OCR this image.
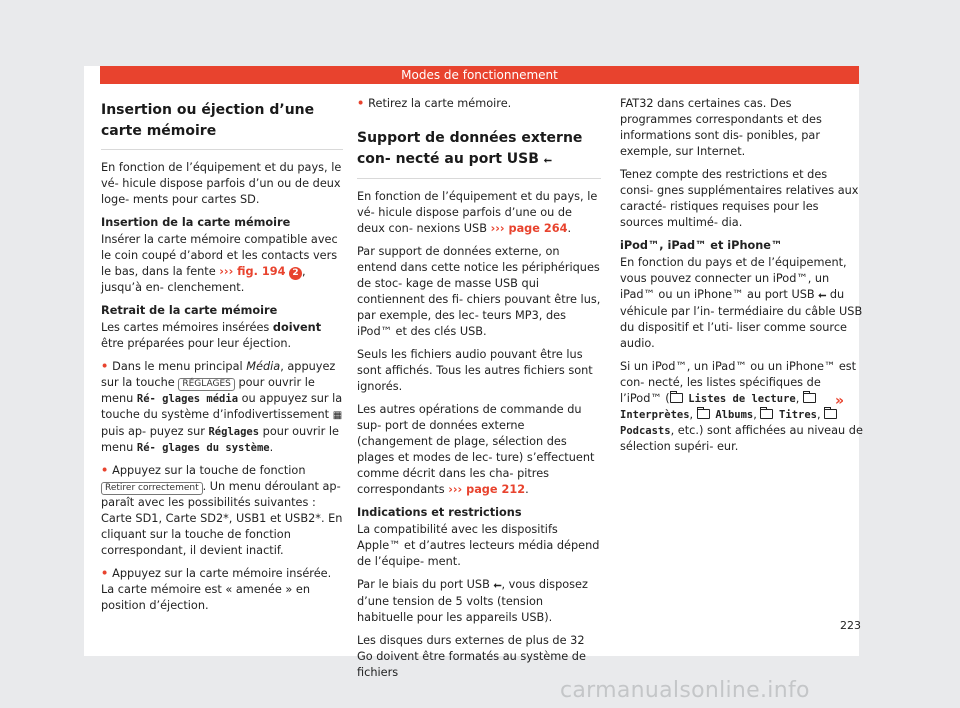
Modes de fonctionnement
Insertion ou éjection d’une carte mémoire

En fonction de l’équipement et du pays, le vé- hicule dispose parfois d’un ou de deux loge- ments pour cartes SD.

Insertion de la carte mémoire

Insérer la carte mémoire compatible avec le coin coupé d’abord et les contacts vers le bas, dans la fente ››› fig. 194 2 , jusqu’à en- clenchement.

Retrait de la carte mémoire

Les cartes mémoires insérées doivent être préparées pour leur éjection.

• Dans le menu principal Média, appuyez sur la touche RÉGLAGES pour ouvrir le menu Ré- glages média ou appuyez sur la touche du système d’infodivertissement ▦ puis ap- puyez sur Réglages pour ouvrir le menu Ré- glages du système.

• Appuyez sur la touche de fonction Retirer correctement . Un menu déroulant ap- paraît avec les possibilités suivantes : Carte SD1, Carte SD2*, USB1 et USB2*. En cliquant sur la touche de fonction correspondant, il devient inactif.

• Appuyez sur la carte mémoire insérée. La carte mémoire est « amenée » en position d’éjection.

• Retirez la carte mémoire.

Support de données externe con- necté au port USB ⭠

En fonction de l’équipement et du pays, le vé- hicule dispose parfois d’une ou de deux con- nexions USB ››› page 264.

Par support de données externe, on entend dans cette notice les périphériques de stoc- kage de masse USB qui contiennent des fi- chiers pouvant être lus, par exemple, des lec- teurs MP3, des iPod™ et des clés USB.

Seuls les fichiers audio pouvant être lus sont affichés. Tous les autres fichiers sont ignorés.

Les autres opérations de commande du sup- port de données externe (changement de plage, sélection des plages et modes de lec- ture) s’effectuent comme décrit dans les cha- pitres correspondants ››› page 212.

Indications et restrictions

La compatibilité avec les dispositifs Apple™ et d’autres lecteurs média dépend de l’équipe- ment.

Par le biais du port USB ⭠, vous disposez d’une tension de 5 volts (tension habituelle pour les appareils USB).

Les disques durs externes de plus de 32 Go doivent être formatés au système de fichiers

FAT32 dans certaines cas. Des programmes correspondants et des informations sont dis- ponibles, par exemple, sur Internet.

Tenez compte des restrictions et des consi- gnes supplémentaires relatives aux caracté- ristiques requises pour les sources multimé- dia.

iPod™, iPad™ et iPhone™

En fonction du pays et de l’équipement, vous pouvez connecter un iPod™, un iPad™ ou un iPhone™ au port USB ⭠ du véhicule par l’in- termédiaire du câble USB du dispositif et l’uti- liser comme source audio.

Si un iPod™, un iPad™ ou un iPhone™ est con- necté, les listes spécifiques de l’iPod™ ( Listes de lecture,  Interprètes,  Albums,  Titres,  Podcasts, etc.) sont affichées au niveau de sélection supéri- eur.

»
223
carmanualsonline.info
